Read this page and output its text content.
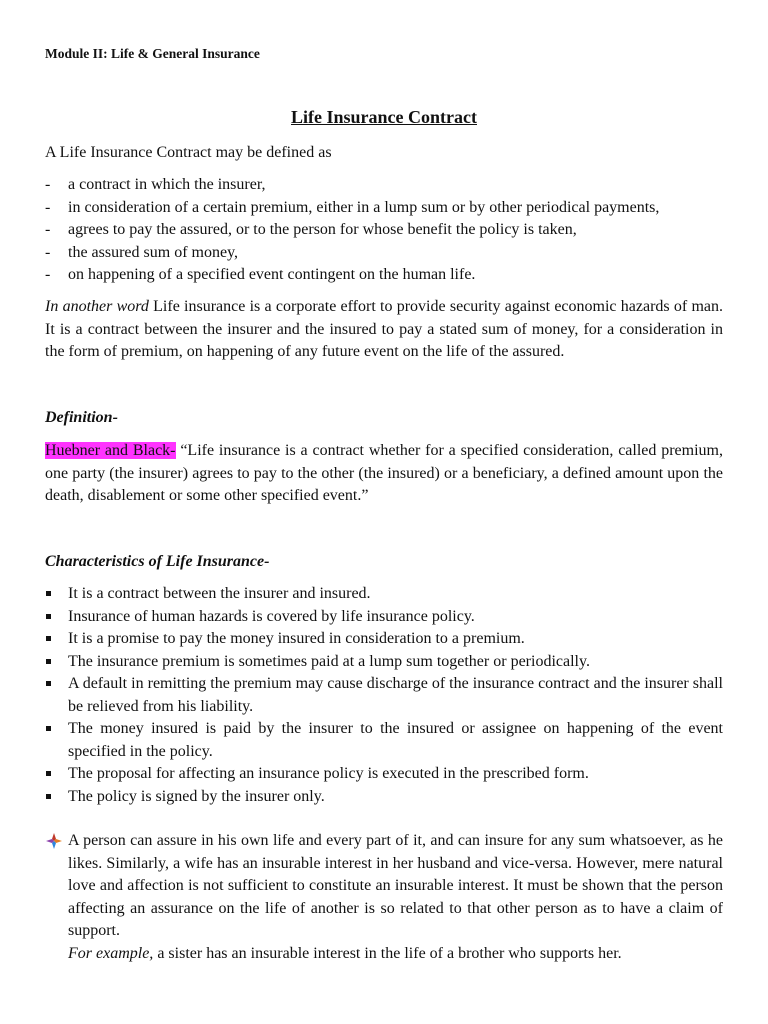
Module II: Life & General Insurance
Life Insurance Contract
A Life Insurance Contract may be defined as
- a contract in which the insurer,
- in consideration of a certain premium, either in a lump sum or by other periodical payments,
- agrees to pay the assured, or to the person for whose benefit the policy is taken,
- the assured sum of money,
- on happening of a specified event contingent on the human life.

In another word Life insurance is a corporate effort to provide security against economic hazards of man. It is a contract between the insurer and the insured to pay a stated sum of money, for a consideration in the form of premium, on happening of any future event on the life of the assured.

Definition-

Huebner and Black- “Life insurance is a contract whether for a specified consideration, called premium, one party (the insurer) agrees to pay to the other (the insured) or a beneficiary, a defined amount upon the death, disablement or some other specified event.”

Characteristics of Life Insurance-
It is a contract between the insurer and insured.
Insurance of human hazards is covered by life insurance policy.
It is a promise to pay the money insured in consideration to a premium.
The insurance premium is sometimes paid at a lump sum together or periodically.
A default in remitting the premium may cause discharge of the insurance contract and the insurer shall be relieved from his liability.
The money insured is paid by the insurer to the insured or assignee on happening of the event specified in the policy.
The proposal for affecting an insurance policy is executed in the prescribed form.
The policy is signed by the insurer only.
A person can assure in his own life and every part of it, and can insure for any sum whatsoever, as he likes. Similarly, a wife has an insurable interest in her husband and vice-versa. However, mere natural love and affection is not sufficient to constitute an insurable interest. It must be shown that the person affecting an assurance on the life of another is so related to that other person as to have a claim of support.
For example, a sister has an insurable interest in the life of a brother who supports her.
